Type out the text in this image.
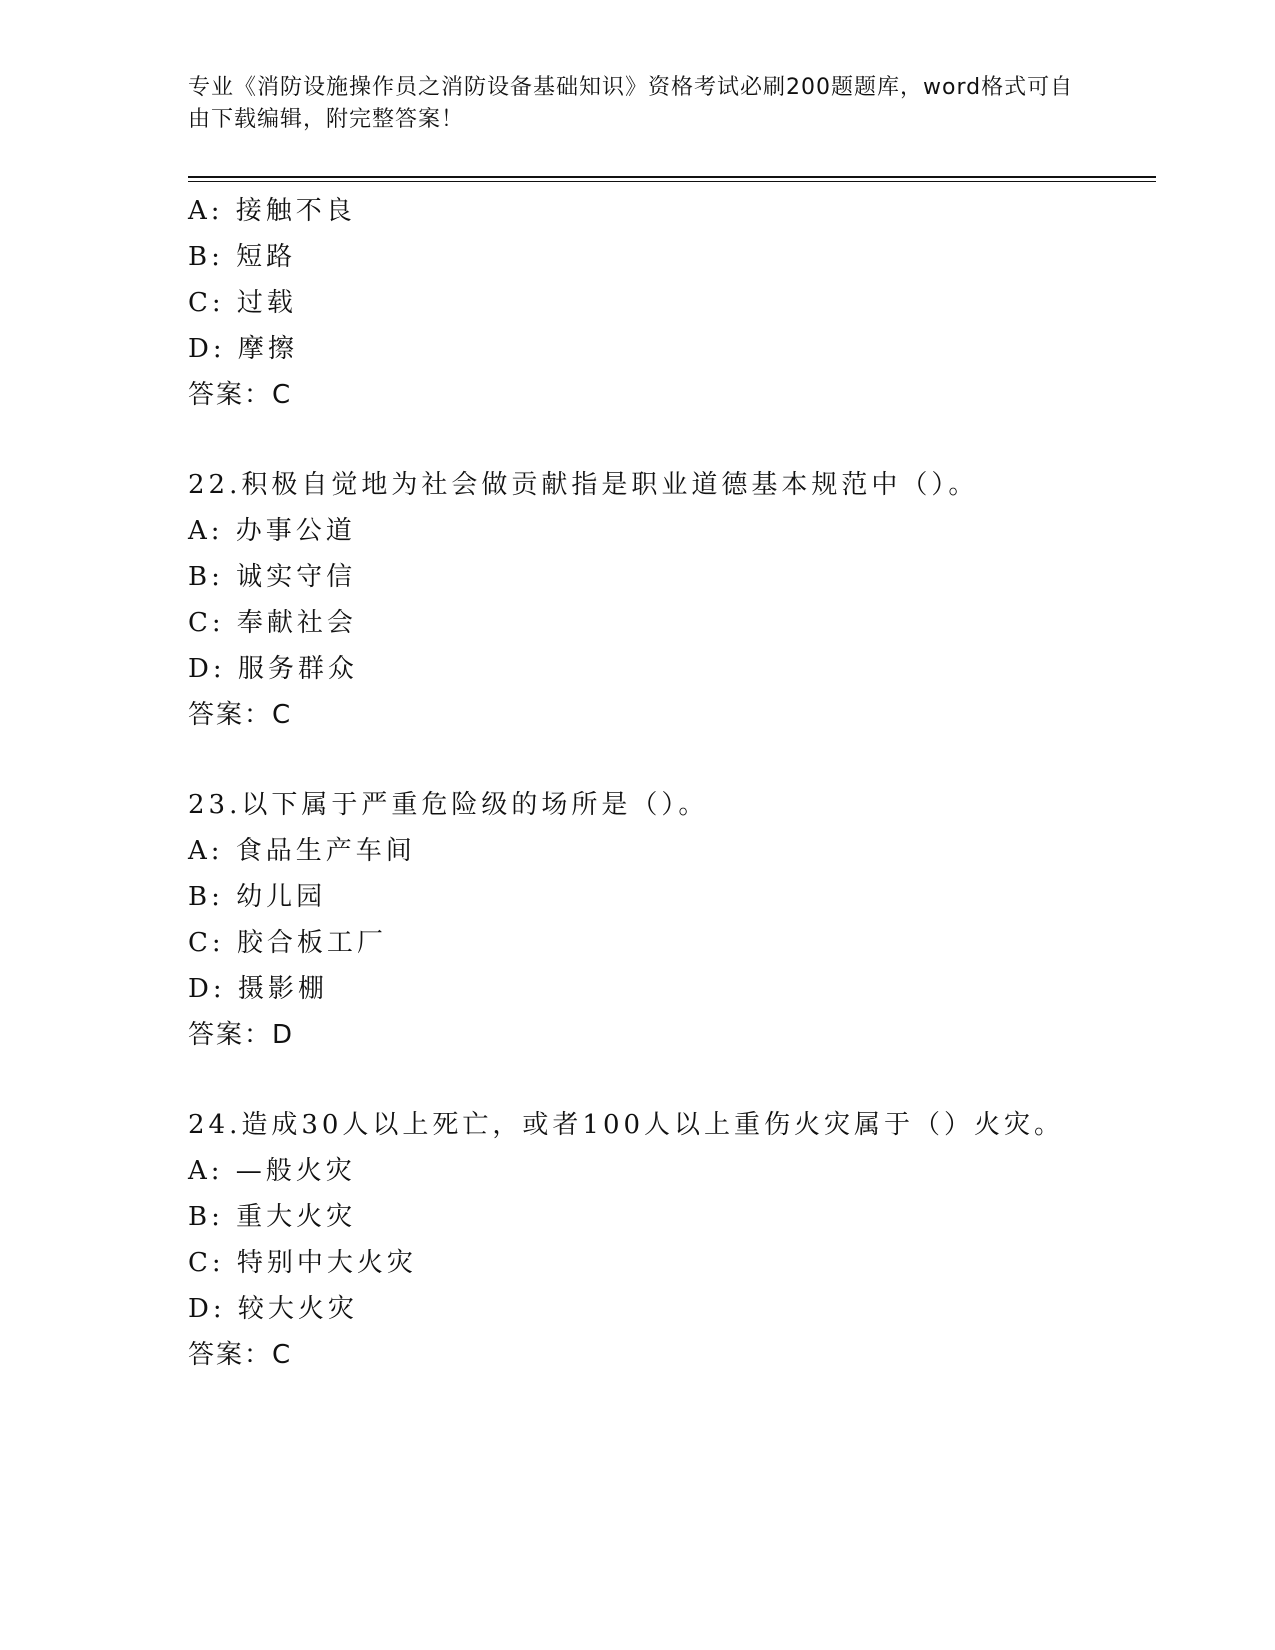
专业《消防设施操作员之消防设备基础知识》资格考试必刷200题题库，word格式可自由下载编辑，附完整答案！
A: 接触不良
B: 短路
C: 过载
D: 摩擦
答案：C
22.积极自觉地为社会做贡献指是职业道德基本规范中（）。
A: 办事公道
B: 诚实守信
C: 奉献社会
D: 服务群众
答案：C
23.以下属于严重危险级的场所是（）。
A: 食品生产车间
B: 幼儿园
C: 胶合板工厂
D: 摄影棚
答案：D
24.造成30人以上死亡，或者100人以上重伤火灾属于（）火灾。
A: —般火灾
B: 重大火灾
C: 特别中大火灾
D: 较大火灾
答案：C
